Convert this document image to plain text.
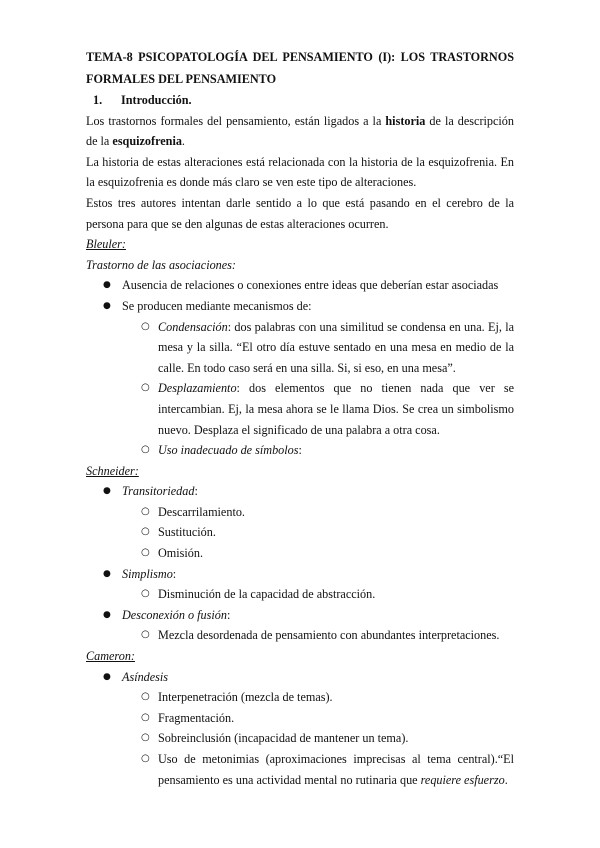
TEMA-8 PSICOPATOLOGÍA DEL PENSAMIENTO (I): LOS TRASTORNOS FORMALES DEL PENSAMIENTO

1. Introducción.

Los trastornos formales del pensamiento, están ligados a la historia de la descripción de la esquizofrenia.

La historia de estas alteraciones está relacionada con la historia de la esquizofrenia. En la esquizofrenia es donde más claro se ven este tipo de alteraciones.

Estos tres autores intentan darle sentido a lo que está pasando en el cerebro de la persona para que se den algunas de estas alteraciones ocurren.

Bleuler:

Trastorno de las asociaciones:

● Ausencia de relaciones o conexiones entre ideas que deberían estar asociadas
● Se producen mediante mecanismos de:
○ Condensación: dos palabras con una similitud se condensa en una. Ej, la mesa y la silla. “El otro día estuve sentado en una mesa en medio de la calle. En todo caso será en una silla. Si, si eso, en una mesa”.
○ Desplazamiento: dos elementos que no tienen nada que ver se intercambian. Ej, la mesa ahora se le llama Dios. Se crea un simbolismo nuevo. Desplaza el significado de una palabra a otra cosa.
○ Uso inadecuado de símbolos:

Schneider:

● Transitoriedad:
○ Descarrilamiento.
○ Sustitución.
○ Omisión.
● Simplismo:
○ Disminución de la capacidad de abstracción.
● Desconexión o fusión:
○ Mezcla desordenada de pensamiento con abundantes interpretaciones.

Cameron:

● Asíndesis
○ Interpenetración (mezcla de temas).
○ Fragmentación.
○ Sobreinclusión (incapacidad de mantener un tema).
○ Uso de metonimias (aproximaciones imprecisas al tema central).“El pensamiento es una actividad mental no rutinaria que requiere esfuerzo.
